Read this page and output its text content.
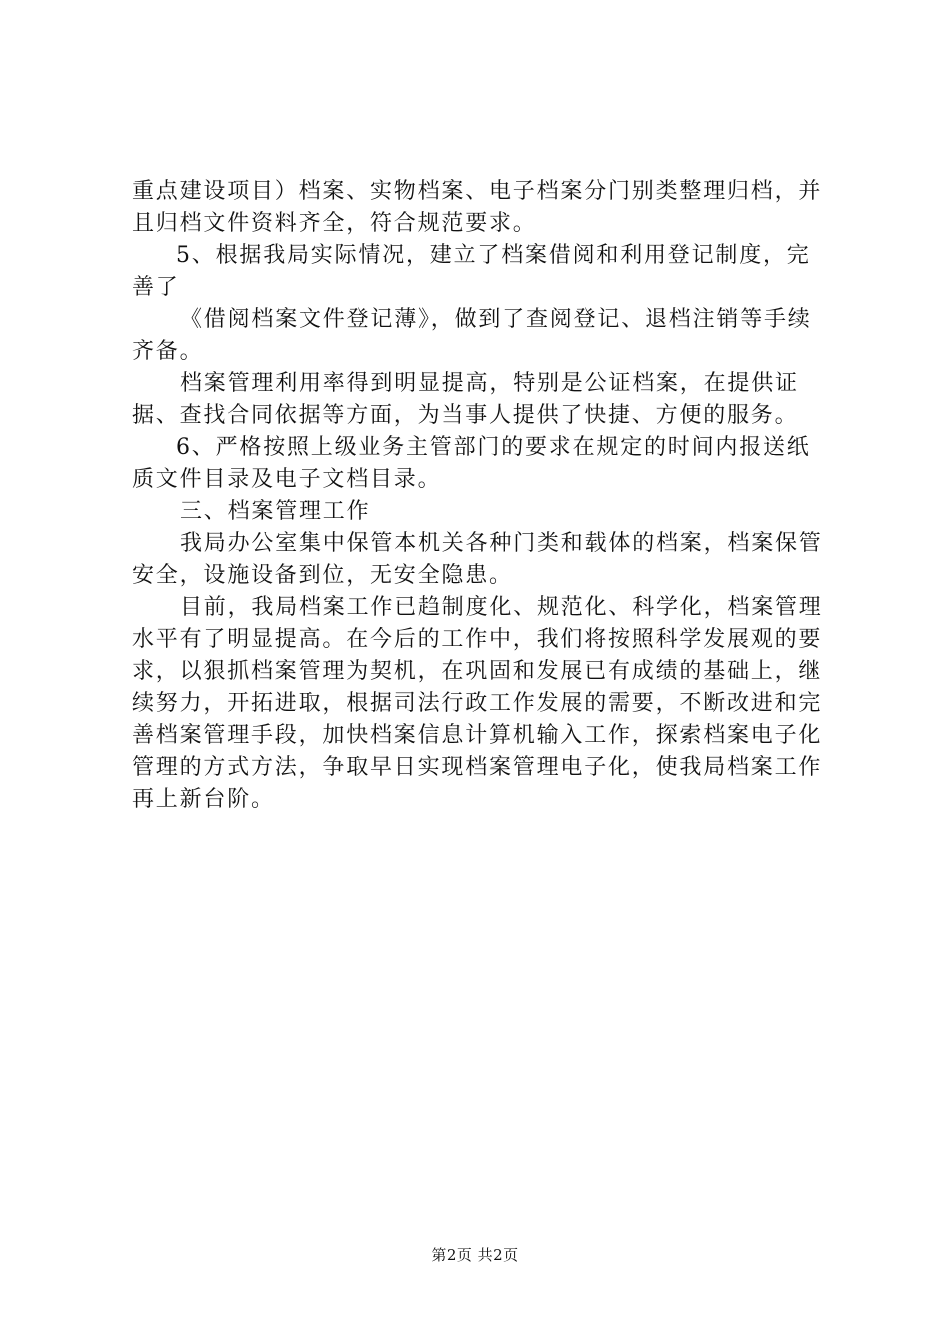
重点建设项目）档案、实物档案、电子档案分门别类整理归档，并且归档文件资料齐全，符合规范要求。

5、根据我局实际情况，建立了档案借阅和利用登记制度，完善了

《借阅档案文件登记薄》，做到了查阅登记、退档注销等手续齐备。

档案管理利用率得到明显提高，特别是公证档案，在提供证据、查找合同依据等方面，为当事人提供了快捷、方便的服务。

6、严格按照上级业务主管部门的要求在规定的时间内报送纸质文件目录及电子文档目录。

三、档案管理工作

我局办公室集中保管本机关各种门类和载体的档案，档案保管安全，设施设备到位，无安全隐患。

目前，我局档案工作已趋制度化、规范化、科学化，档案管理水平有了明显提高。在今后的工作中，我们将按照科学发展观的要求，以狠抓档案管理为契机，在巩固和发展已有成绩的基础上，继续努力，开拓进取，根据司法行政工作发展的需要，不断改进和完善档案管理手段，加快档案信息计算机输入工作，探索档案电子化管理的方式方法，争取早日实现档案管理电子化，使我局档案工作再上新台阶。

第2页 共2页
